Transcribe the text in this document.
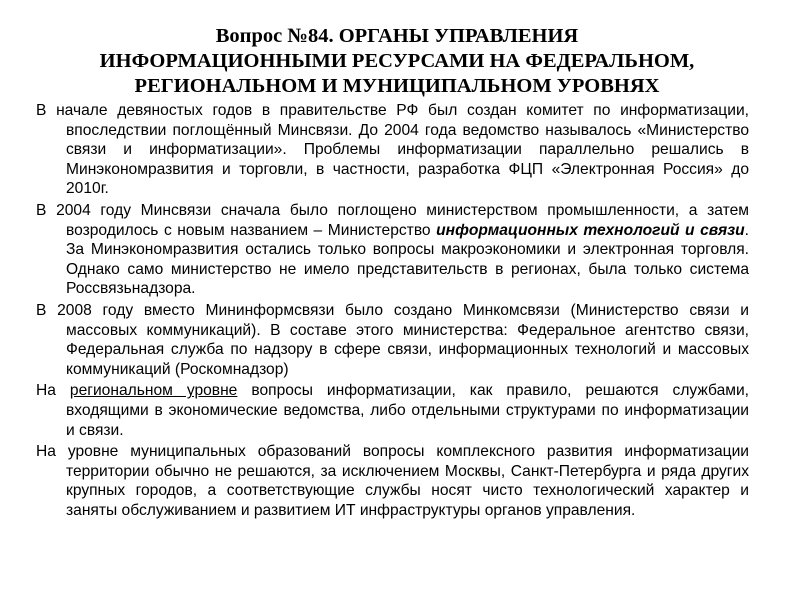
Вопрос №84. ОРГАНЫ УПРАВЛЕНИЯ
ИНФОРМАЦИОННЫМИ РЕСУРСАМИ НА ФЕДЕРАЛЬНОМ,
РЕГИОНАЛЬНОМ И МУНИЦИПАЛЬНОМ УРОВНЯХ

В начале девяностых годов в правительстве РФ был создан комитет по информатизации, впоследствии поглощённый Минсвязи. До 2004 года ведомство называлось «Министерство связи и информатизации». Проблемы информатизации параллельно решались в Минэкономразвития и торговли, в частности, разработка ФЦП «Электронная Россия» до 2010г.

В 2004 году Минсвязи сначала было поглощено министерством промышленности, а затем возродилось с новым названием – Министерство информационных технологий и связи. За Минэкономразвития остались только вопросы макроэкономики и электронная торговля. Однако само министерство не имело представительств в регионах, была только система Россвязьнадзора.

В 2008 году вместо Мининформсвязи было создано Минкомсвязи (Министерство связи и массовых коммуникаций). В составе этого министерства: Федеральное агентство связи, Федеральная служба по надзору в сфере связи, информационных технологий и массовых коммуникаций (Роскомнадзор)

На региональном уровне вопросы информатизации, как правило, решаются службами, входящими в экономические ведомства, либо отдельными структурами по информатизации и связи.

На уровне муниципальных образований вопросы комплексного развития информатизации территории обычно не решаются, за исключением Москвы, Санкт-Петербурга и ряда других крупных городов, а соответствующие службы носят чисто технологический характер и заняты обслуживанием и развитием ИТ инфраструктуры органов управления.
